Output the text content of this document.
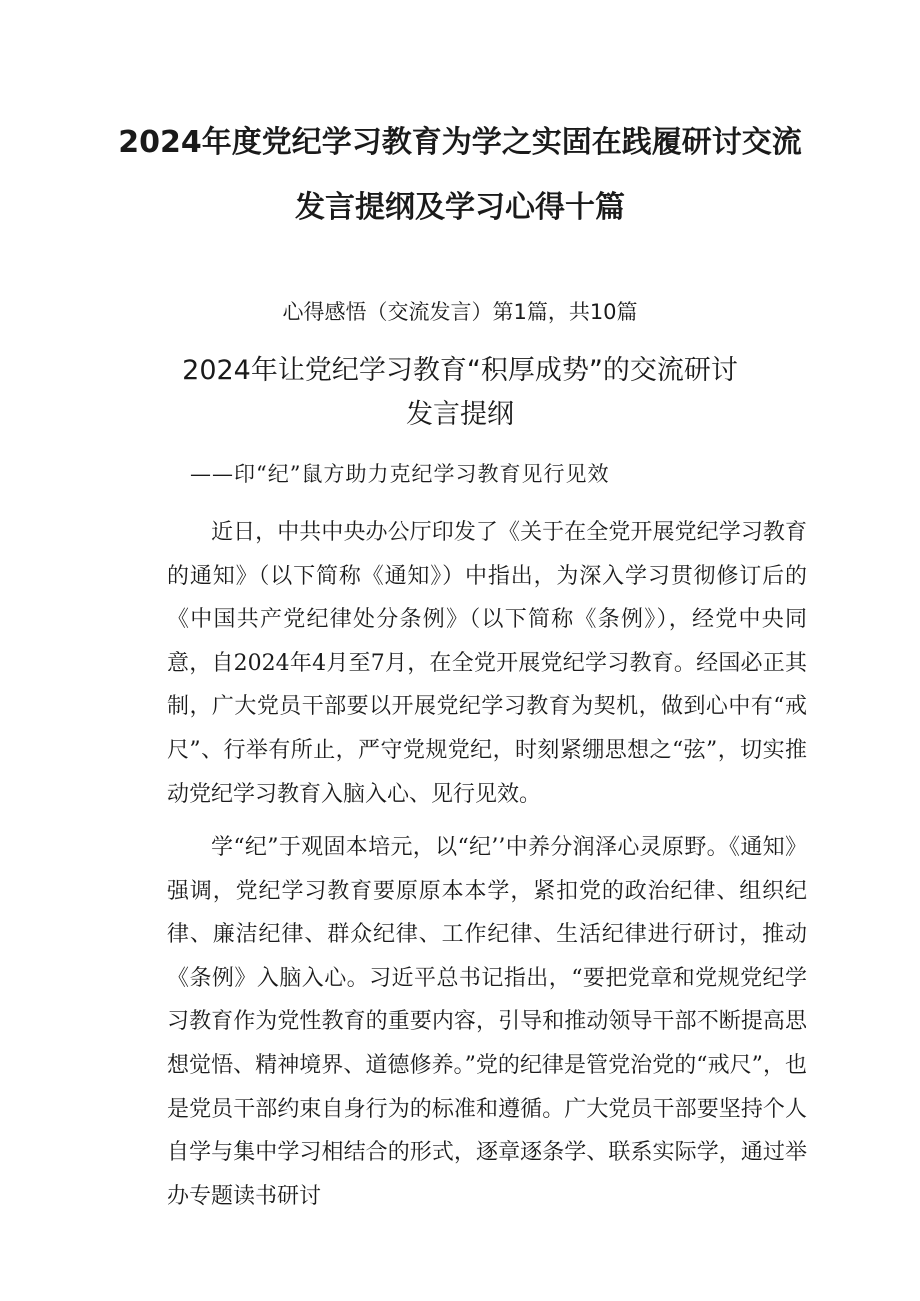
2024年度党纪学习教育为学之实固在践履研讨交流
发言提纲及学习心得十篇
心得感悟（交流发言）第1篇，共10篇
2024年让党纪学习教育“积厚成势”的交流研讨
发言提纲
——印“纪”鼠方助力克纪学习教育见行见效

近日，中共中央办公厅印发了《关于在全党开展党纪学习教育的通知》（以下简称《通知》）中指出，为深入学习贯彻修订后的《中国共产党纪律处分条例》（以下简称《条例》），经党中央同意，自2024年4月至7月，在全党开展党纪学习教育。经国必正其制，广大党员干部要以开展党纪学习教育为契机，做到心中有“戒尺”、行举有所止，严守党规党纪，时刻紧绷思想之“弦”，切实推动党纪学习教育入脑入心、见行见效。

学“纪”于观固本培元，以“纪’’中养分润泽心灵原野。《通知》强调，党纪学习教育要原原本本学，紧扣党的政治纪律、组织纪律、廉洁纪律、群众纪律、工作纪律、生活纪律进行研讨，推动《条例》入脑入心。习近平总书记指出，“要把党章和党规党纪学习教育作为党性教育的重要内容，引导和推动领导干部不断提高思想觉悟、精神境界、道德修养。”党的纪律是管党治党的“戒尺”，也是党员干部约束自身行为的标准和遵循。广大党员干部要坚持个人自学与集中学习相结合的形式，逐章逐条学、联系实际学，通过举办专题读书研讨
